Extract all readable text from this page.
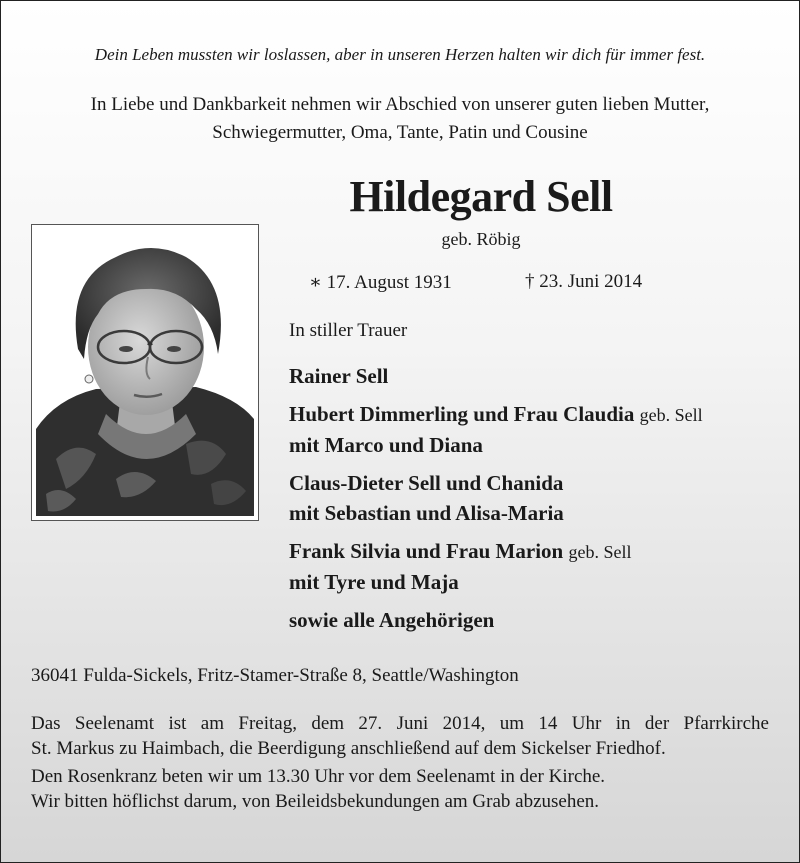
Dein Leben mussten wir loslassen, aber in unseren Herzen halten wir dich für immer fest.
In Liebe und Dankbarkeit nehmen wir Abschied von unserer guten lieben Mutter,
Schwiegermutter, Oma, Tante, Patin und Cousine
Hildegard Sell
geb. Röbig
∗ 17. August 1931	† 23. Juni 2014
In stiller Trauer
Rainer Sell
Hubert Dimmerling und Frau Claudia geb. Sell
mit Marco und Diana
Claus-Dieter Sell und Chanida
mit Sebastian und Alisa-Maria
Frank Silvia und Frau Marion geb. Sell
mit Tyre und Maja
sowie alle Angehörigen
36041 Fulda-Sickels, Fritz-Stamer-Straße 8, Seattle/Washington
Das Seelenamt ist am Freitag, dem 27. Juni 2014, um 14 Uhr in der Pfarrkirche
St. Markus zu Haimbach, die Beerdigung anschließend auf dem Sickelser Friedhof.
Den Rosenkranz beten wir um 13.30 Uhr vor dem Seelenamt in der Kirche.
Wir bitten höflichst darum, von Beileidsbekundungen am Grab abzusehen.
